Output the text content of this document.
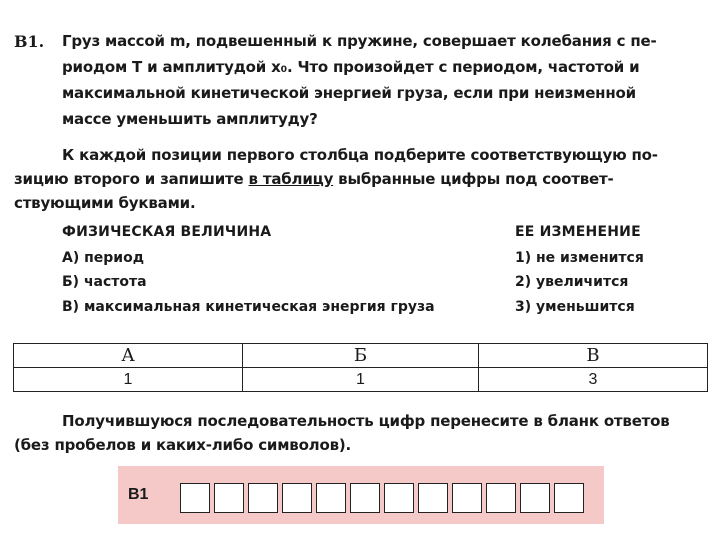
В1. Груз массой m, подвешенный к пружине, совершает колебания с пе-
риодом T и амплитудой x₀. Что произойдет с периодом, частотой и
максимальной кинетической энергией груза, если при неизменной
массе уменьшить амплитуду?
К каждой позиции первого столбца подберите соответствующую по-
зицию второго и запишите в таблицу выбранные цифры под соответ-
ствующими буквами.
ФИЗИЧЕСКАЯ ВЕЛИЧИНА
А) период
Б) частота
В) максимальная кинетическая энергия груза
ЕЕ ИЗМЕНЕНИЕ
1) не изменится
2) увеличится
3) уменьшится
А	Б	В
1	1	3
Получившуюся последовательность цифр перенесите в бланк ответов
(без пробелов и каких-либо символов).
В1
